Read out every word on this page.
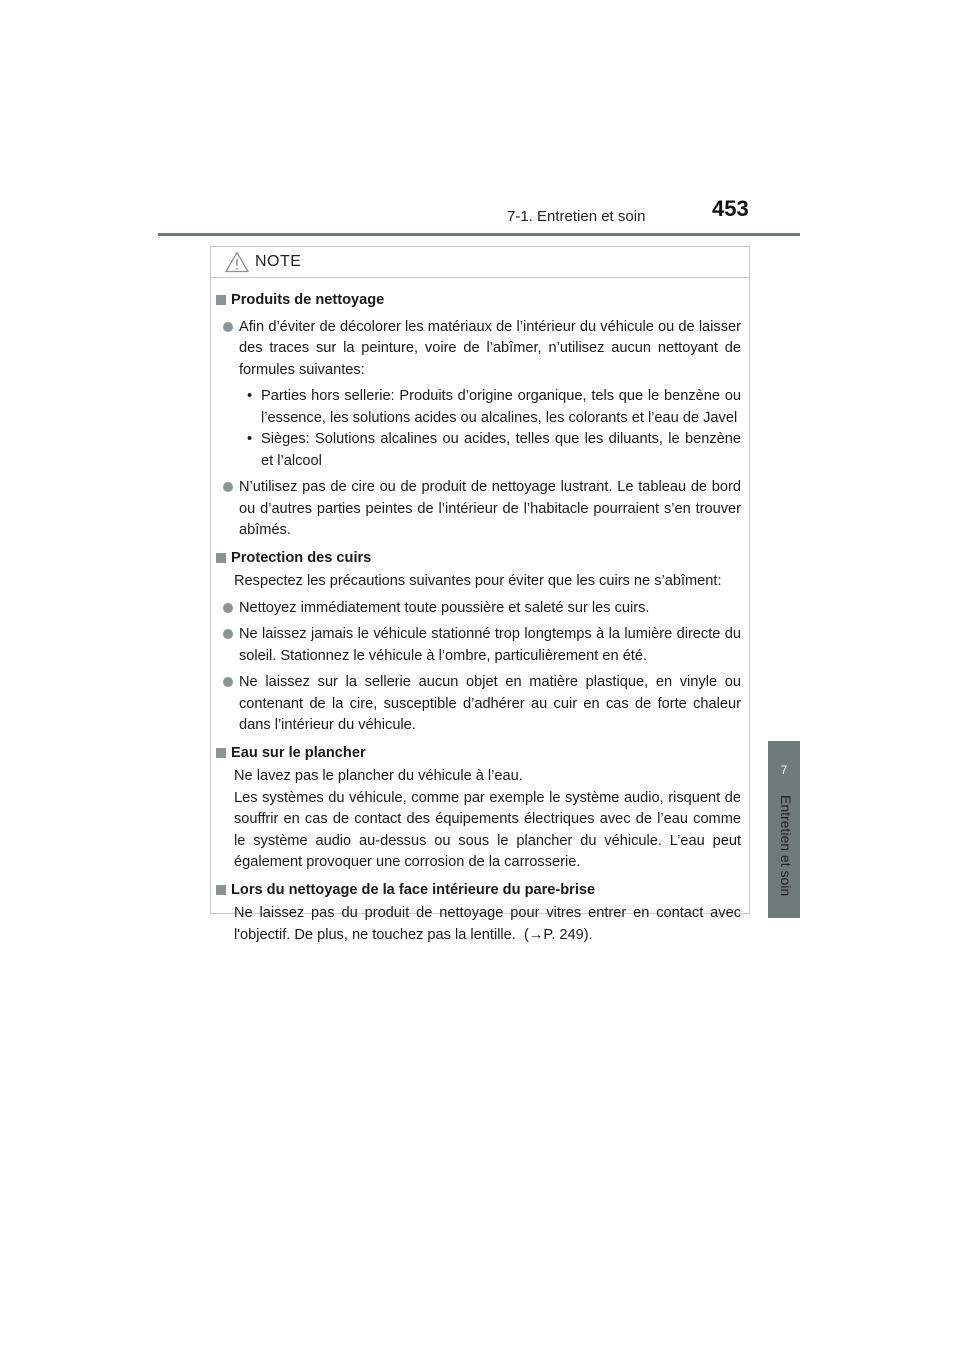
7-1. Entretien et soin	453
7
Entretien et soin
NOTE
Produits de nettoyage
Afin d’éviter de décolorer les matériaux de l’intérieur du véhicule ou de laisser des traces sur la peinture, voire de l’abîmer, n’utilisez aucun nettoyant de formules suivantes:
• Parties hors sellerie: Produits d’origine organique, tels que le benzène ou l’essence, les solutions acides ou alcalines, les colorants et l’eau de Javel
• Sièges: Solutions alcalines ou acides, telles que les diluants, le benzène et l’alcool
N’utilisez pas de cire ou de produit de nettoyage lustrant. Le tableau de bord ou d’autres parties peintes de l’intérieur de l’habitacle pourraient s’en trouver abîmés.
Protection des cuirs
Respectez les précautions suivantes pour éviter que les cuirs ne s’abîment:
Nettoyez immédiatement toute poussière et saleté sur les cuirs.
Ne laissez jamais le véhicule stationné trop longtemps à la lumière directe du soleil. Stationnez le véhicule à l’ombre, particulièrement en été.
Ne laissez sur la sellerie aucun objet en matière plastique, en vinyle ou contenant de la cire, susceptible d’adhérer au cuir en cas de forte chaleur dans l’intérieur du véhicule.
Eau sur le plancher
Ne lavez pas le plancher du véhicule à l’eau.
Les systèmes du véhicule, comme par exemple le système audio, risquent de souffrir en cas de contact des équipements électriques avec de l’eau comme le système audio au-dessus ou sous le plancher du véhicule. L’eau peut également provoquer une corrosion de la carrosserie.
Lors du nettoyage de la face intérieure du pare-brise
Ne laissez pas du produit de nettoyage pour vitres entrer en contact avec l'objectif. De plus, ne touchez pas la lentille. (→P. 249).
